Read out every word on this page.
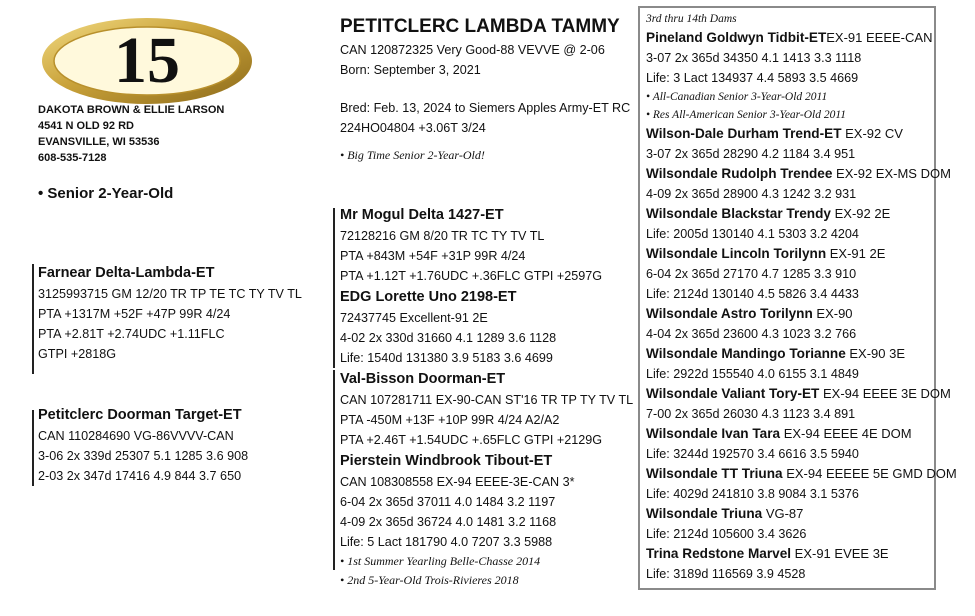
15
DAKOTA BROWN & ELLIE LARSON
4541 N OLD 92 RD
EVANSVILLE, WI 53536
608-535-7128
• Senior 2-Year-Old
PETITCLERC LAMBDA TAMMY
CAN 120872325 Very Good-88 VEVVE @ 2-06
Born: September 3, 2021
Bred: Feb. 13, 2024 to Siemers Apples Army-ET RC
224HO04804 +3.06T 3/24
• Big Time Senior 2-Year-Old!
Farnear Delta-Lambda-ET
3125993715 GM 12/20 TR TP TE TC TY TV TL
PTA +1317M +52F +47P 99R 4/24
PTA +2.81T +2.74UDC +1.11FLC
GTPI +2818G
Petitclerc Doorman Target-ET
CAN 110284690 VG-86VVVV-CAN
3-06 2x 339d 25307 5.1 1285 3.6 908
2-03 2x 347d 17416 4.9 844 3.7 650
Mr Mogul Delta 1427-ET
72128216 GM 8/20 TR TC TY TV TL
PTA +843M +54F +31P 99R 4/24
PTA +1.12T +1.76UDC +.36FLC GTPI +2597G
EDG Lorette Uno 2198-ET
72437745 Excellent-91 2E
4-02 2x 330d 31660 4.1 1289 3.6 1128
Life: 1540d 131380 3.9 5183 3.6 4699
Val-Bisson Doorman-ET
CAN 107281711 EX-90-CAN ST'16 TR TP TY TV TL
PTA -450M +13F +10P 99R 4/24 A2/A2
PTA +2.46T +1.54UDC +.65FLC GTPI +2129G
Pierstein Windbrook Tibout-ET
CAN 108308558 EX-94 EEEE-3E-CAN 3*
6-04 2x 365d 37011 4.0 1484 3.2 1197
4-09 2x 365d 36724 4.0 1481 3.2 1168
Life: 5 Lact 181790 4.0 7207 3.3 5988
• 1st Summer Yearling Belle-Chasse 2014
• 2nd 5-Year-Old Trois-Rivieres 2018
3rd thru 14th Dams
Pineland Goldwyn Tidbit-ETEX-91 EEEE-CAN
3-07 2x 365d 34350 4.1 1413 3.3 1118
Life: 3 Lact 134937 4.4 5893 3.5 4669
• All-Canadian Senior 3-Year-Old 2011
• Res All-American Senior 3-Year-Old 2011
Wilson-Dale Durham Trend-ET EX-92 CV
3-07 2x 365d 28290 4.2 1184 3.4 951
Wilsondale Rudolph Trendee EX-92 EX-MS DOM
4-09 2x 365d 28900 4.3 1242 3.2 931
Wilsondale Blackstar Trendy EX-92 2E
Life: 2005d 130140 4.1 5303 3.2 4204
Wilsondale Lincoln Torilynn EX-91 2E
6-04 2x 365d 27170 4.7 1285 3.3 910
Life: 2124d 130140 4.5 5826 3.4 4433
Wilsondale Astro Torilynn EX-90
4-04 2x 365d 23600 4.3 1023 3.2 766
Wilsondale Mandingo Torianne EX-90 3E
Life: 2922d 155540 4.0 6155 3.1 4849
Wilsondale Valiant Tory-ET EX-94 EEEE 3E DOM
7-00 2x 365d 26030 4.3 1123 3.4 891
Wilsondale Ivan Tara EX-94 EEEE 4E DOM
Life: 3244d 192570 3.4 6616 3.5 5940
Wilsondale TT Triuna EX-94 EEEEE 5E GMD DOM
Life: 4029d 241810 3.8 9084 3.1 5376
Wilsondale Triuna VG-87
Life: 2124d 105600 3.4 3626
Trina Redstone Marvel EX-91 EVEE 3E
Life: 3189d 116569 3.9 4528
